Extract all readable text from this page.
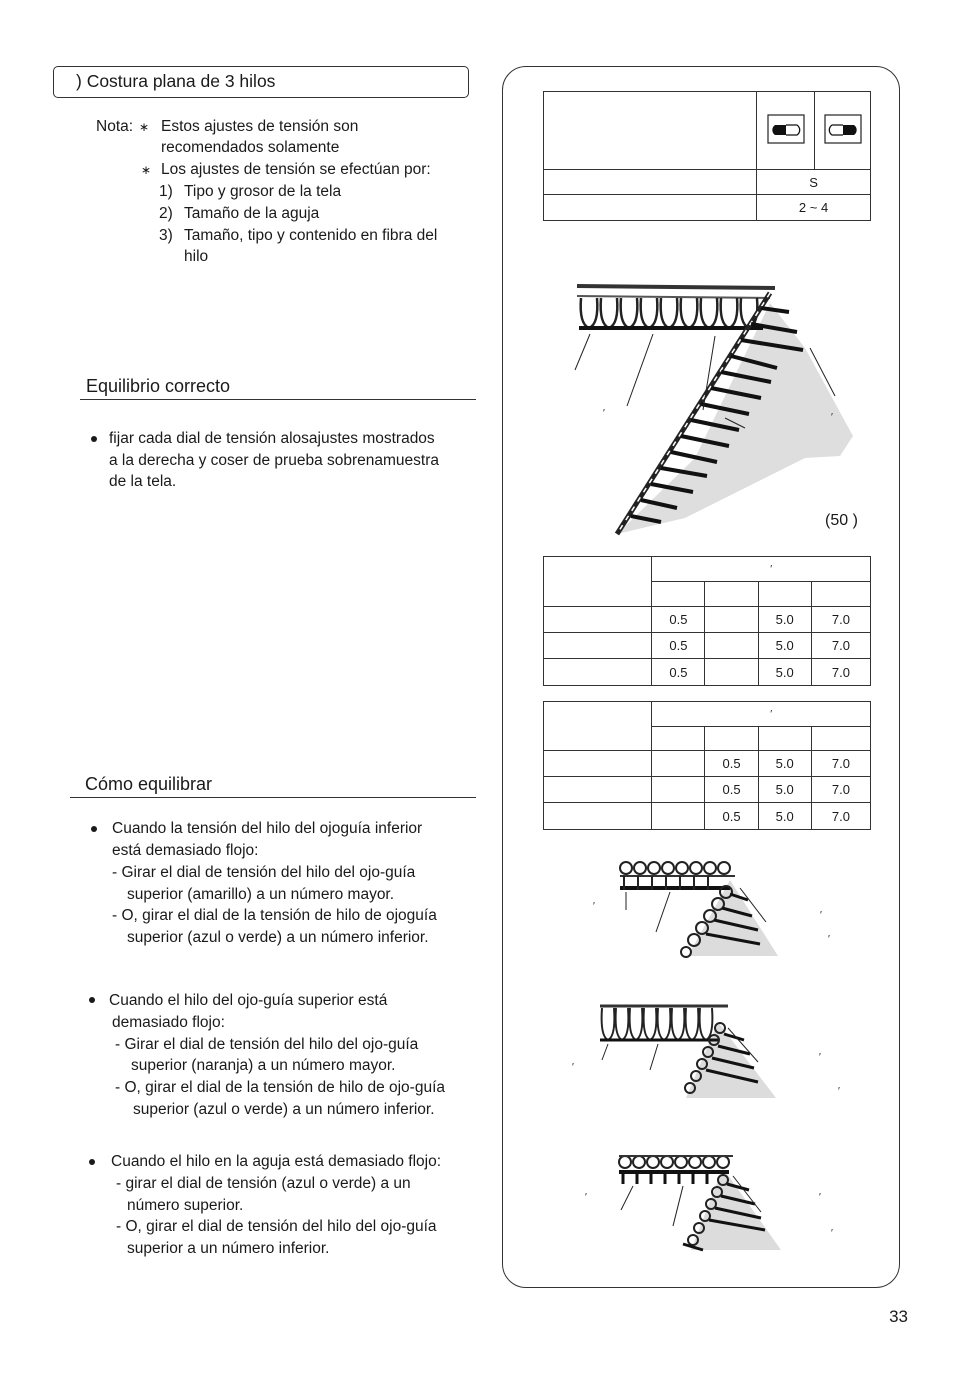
) Costura plana de 3 hilos
Nota: ∗ Estos ajustes de tensión son
recomendados solamente
∗ Los ajustes de tensión se efectúan por:
1) Tipo y grosor de la tela
2) Tamaño de la aguja
3) Tamaño, tipo y contenido en fibra del
hilo
Equilibrio correcto
fijar cada dial de tensión alosajustes mostrados
a la derecha y coser de prueba sobrenamuestra
de la tela.
Cómo equilibrar
Cuando la tensión del hilo del ojoguía inferior
está demasiado flojo:
- Girar el dial de tensión del hilo del ojo-guía
superior (amarillo) a un número mayor.
- O, girar el dial de la tensión de hilo de ojoguía
superior (azul o verde) a un número inferior.
Cuando el hilo del ojo-guía superior está
demasiado flojo:
- Girar el dial de tensión del hilo del ojo-guía
superior (naranja) a un número mayor.
- O, girar el dial de la tensión de hilo de ojo-guía
superior (azul o verde) a un número inferior.
Cuando el hilo en la aguja está demasiado flojo:
- girar el dial de tensión (azul o verde) a un
número superior.
- O, girar el dial de tensión del hilo del ojo-guía
superior a un número inferior.

	S	
	2 ~ 4	
′	′
(50 )
	′			

	0.5		5.0	7.0
	0.5		5.0	7.0
	0.5		5.0	7.0
	′			

		0.5	5.0	7.0
		0.5	5.0	7.0
		0.5	5.0	7.0
′
′
′
′
′
′
′	′
′
33
